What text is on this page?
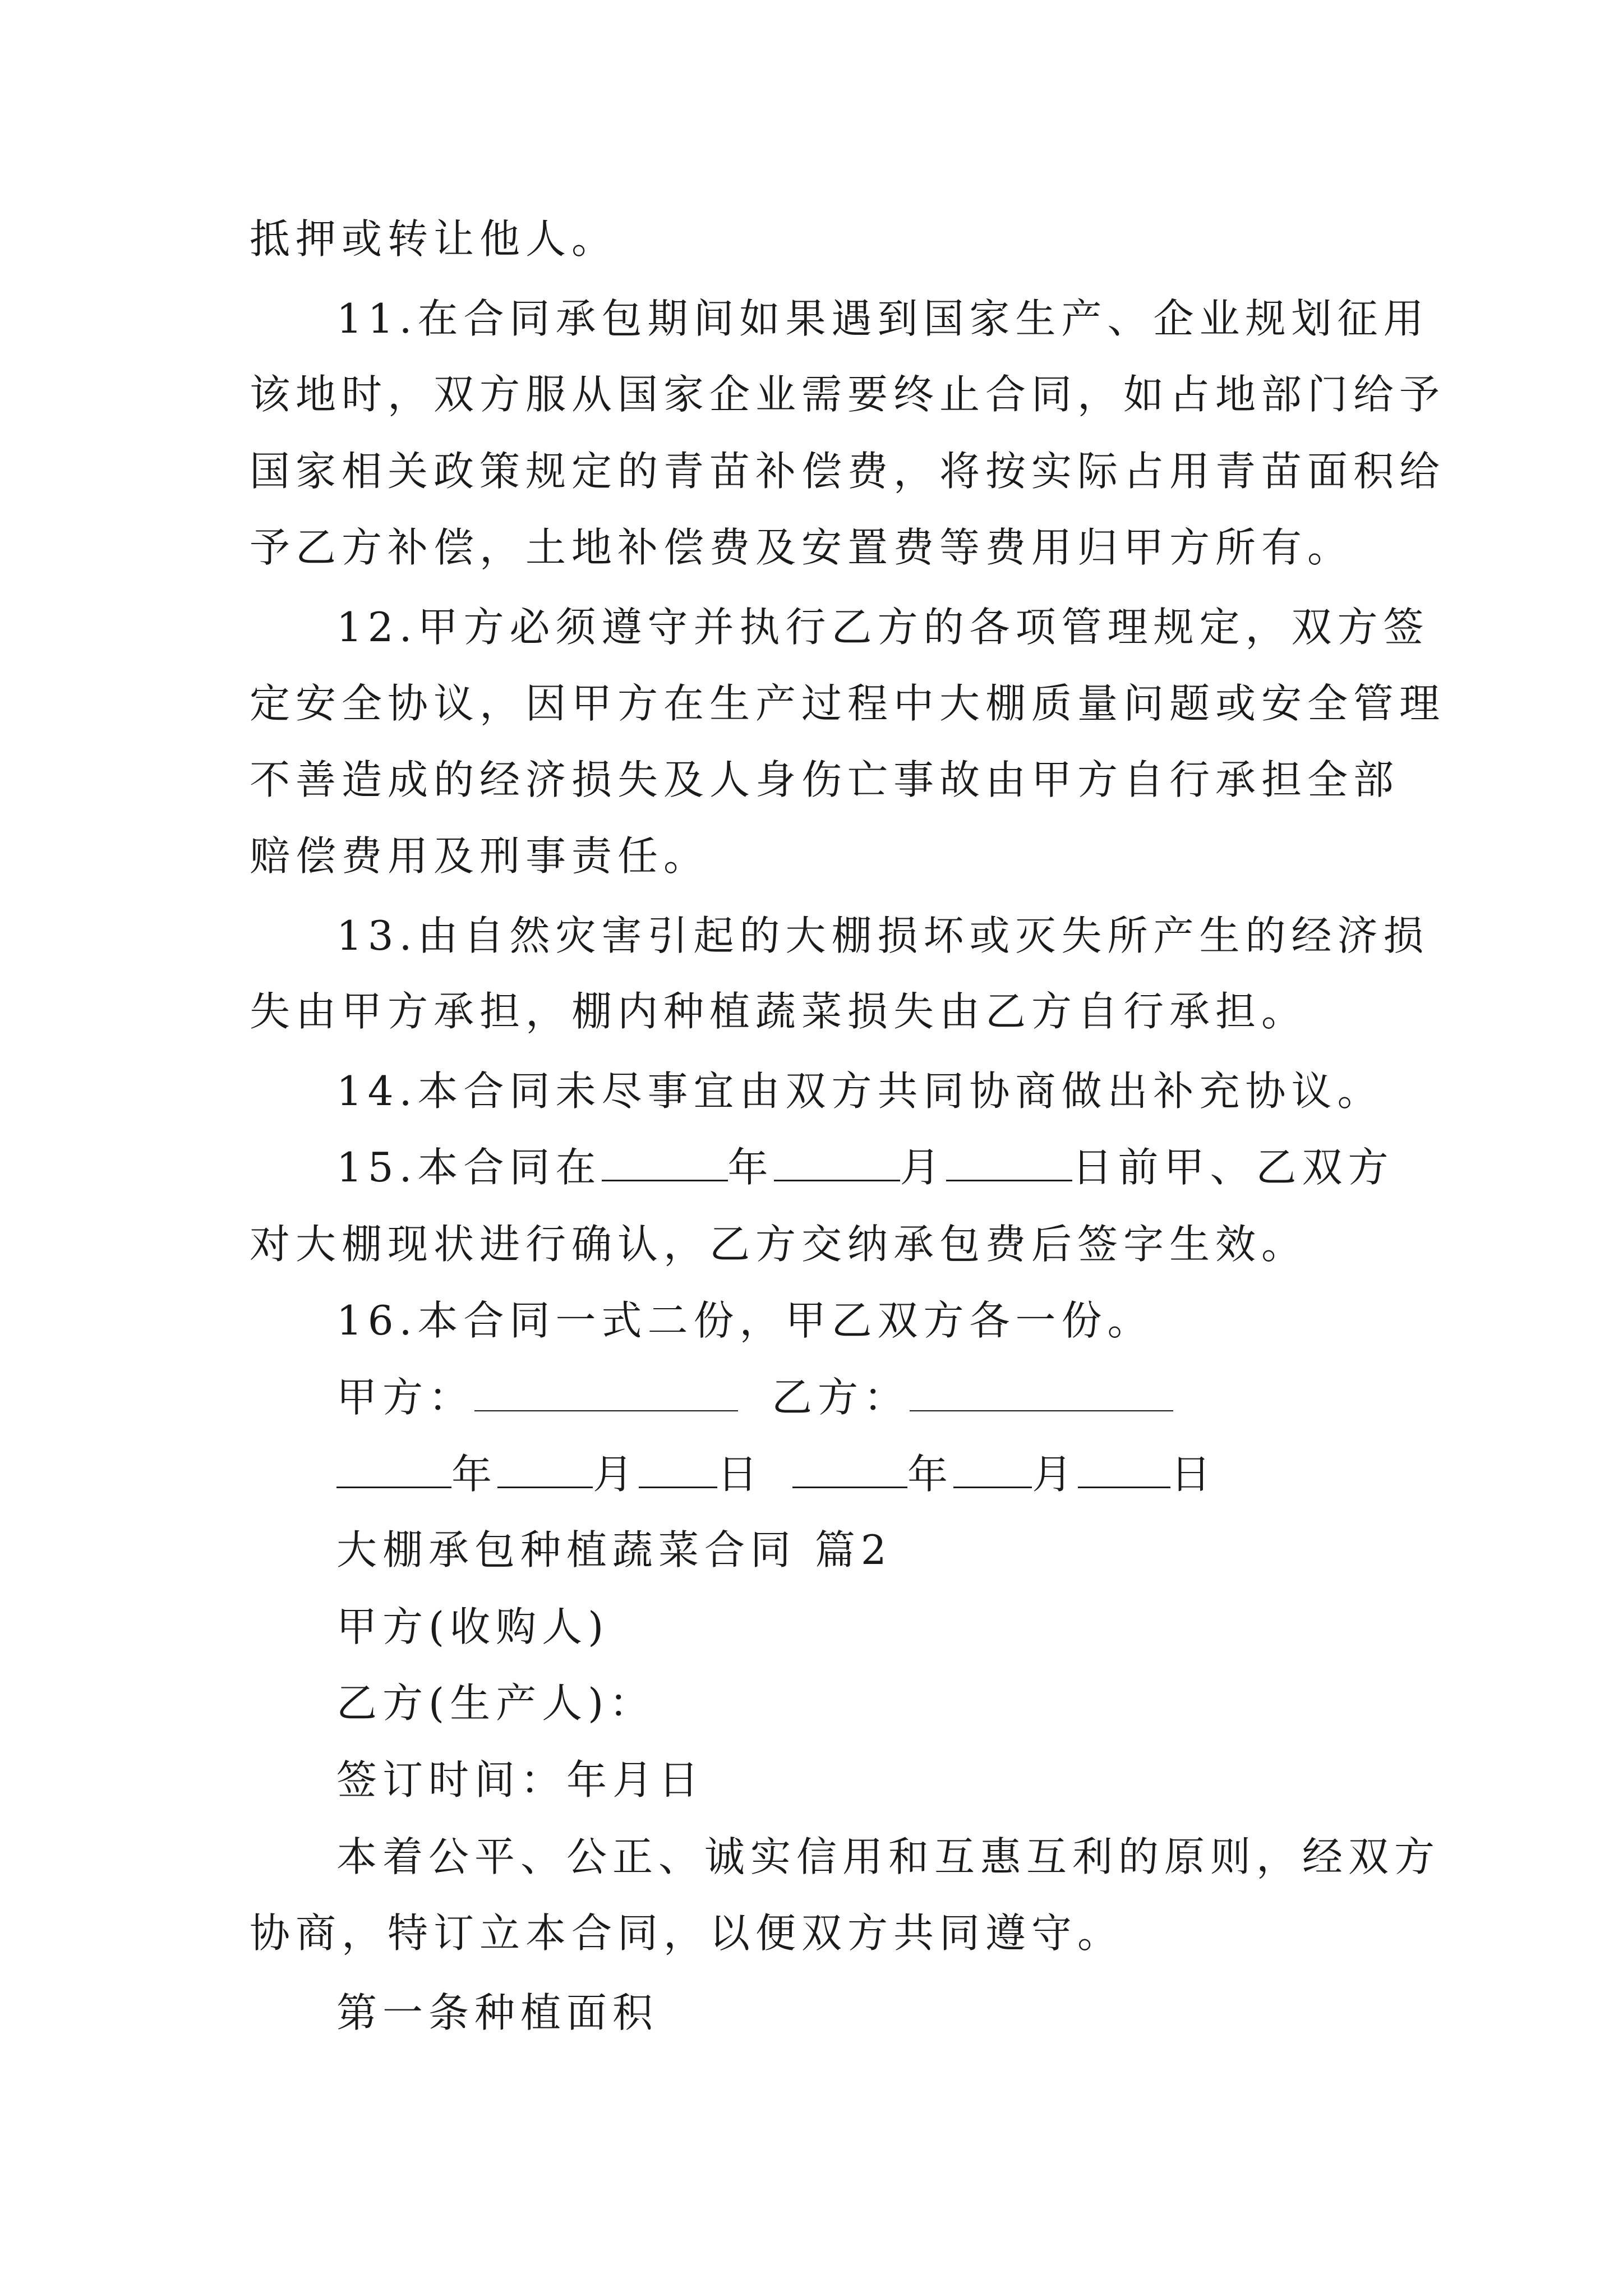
抵押或转让他人。
11.在合同承包期间如果遇到国家生产、企业规划征用
该地时，双方服从国家企业需要终止合同，如占地部门给予
国家相关政策规定的青苗补偿费，将按实际占用青苗面积给
予乙方补偿，土地补偿费及安置费等费用归甲方所有。
12.甲方必须遵守并执行乙方的各项管理规定，双方签
定安全协议，因甲方在生产过程中大棚质量问题或安全管理
不善造成的经济损失及人身伤亡事故由甲方自行承担全部
赔偿费用及刑事责任。
13.由自然灾害引起的大棚损坏或灭失所产生的经济损
失由甲方承担，棚内种植蔬菜损失由乙方自行承担。
14.本合同未尽事宜由双方共同协商做出补充协议。
15.本合同在	年	月	日前甲、乙双方
对大棚现状进行确认，乙方交纳承包费后签字生效。
16.本合同一式二份，甲乙双方各一份。
甲方：	乙方：
年 月 日	年 月 日
大棚承包种植蔬菜合同 篇2
甲方(收购人)
乙方(生产人)：
签订时间：年月日
本着公平、公正、诚实信用和互惠互利的原则，经双方
协商，特订立本合同，以便双方共同遵守。
第一条种植面积
